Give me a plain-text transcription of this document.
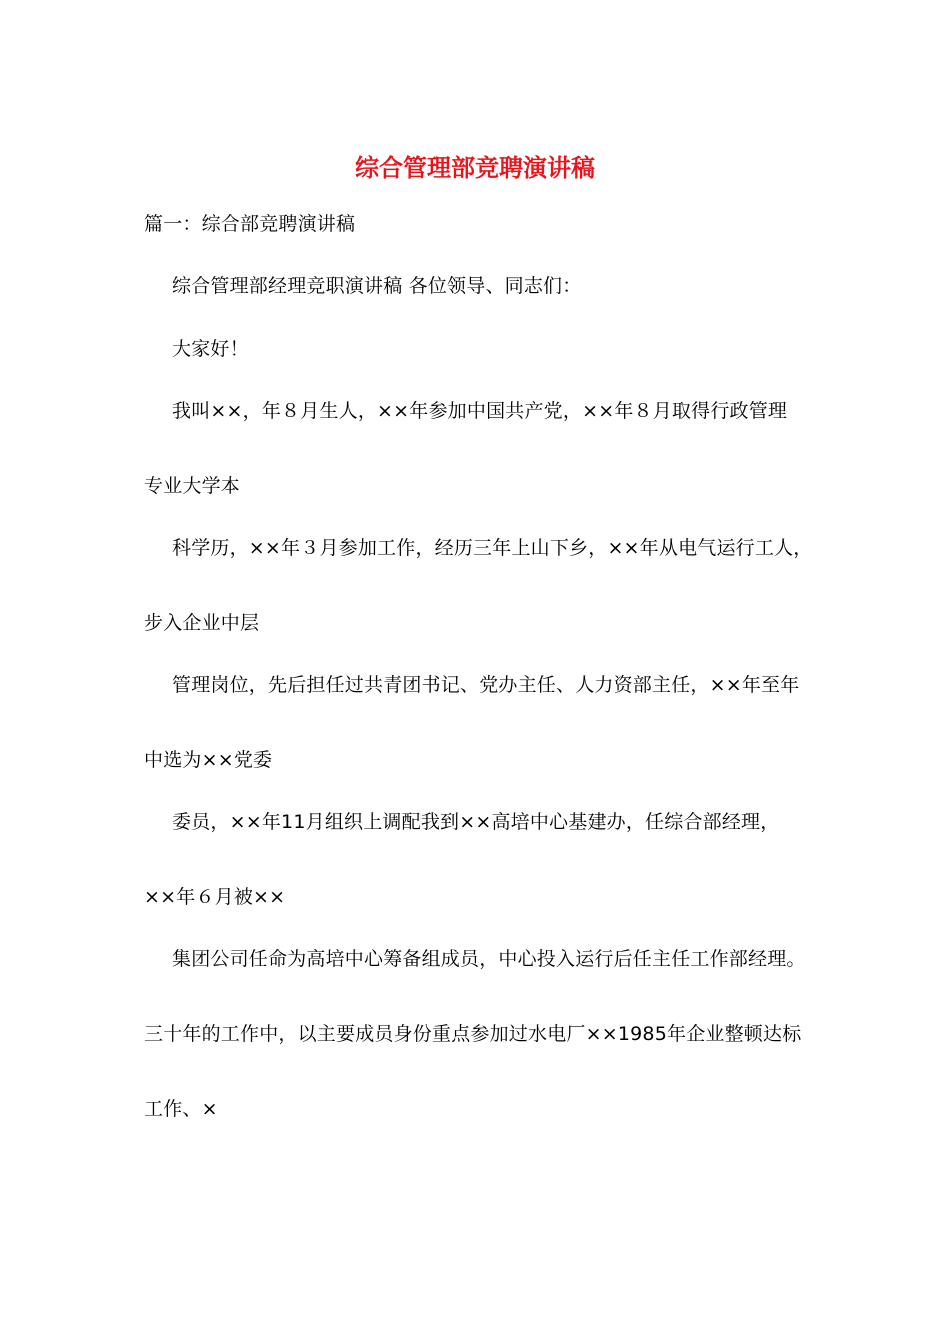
综合管理部竞聘演讲稿
篇一：综合部竞聘演讲稿
综合管理部经理竞职演讲稿 各位领导、同志们：
大家好！
我叫××，年８月生人，××年参加中国共产党，××年８月取得行政管理
专业大学本
科学历，××年３月参加工作，经历三年上山下乡，××年从电气运行工人，
步入企业中层
管理岗位，先后担任过共青团书记、党办主任、人力资部主任，××年至年
中选为××党委
委员，××年11月组织上调配我到××高培中心基建办，任综合部经理，
××年６月被××
集团公司任命为高培中心筹备组成员，中心投入运行后任主任工作部经理。
三十年的工作中，以主要成员身份重点参加过水电厂××1985年企业整顿达标
工作、×
